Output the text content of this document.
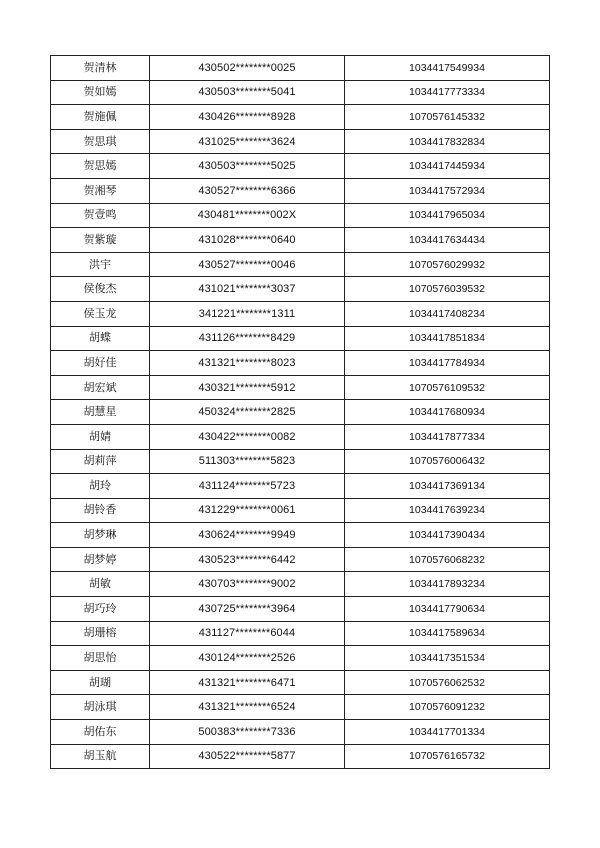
贺清林	430502********0025	1034417549934
贺如嫣	430503********5041	1034417773334
贺施佩	430426********8928	1070576145332
贺思琪	431025********3624	1034417832834
贺思嫣	430503********5025	1034417445934
贺湘琴	430527********6366	1034417572934
贺壹鸣	430481********002X	1034417965034
贺紫璇	431028********0640	1034417634434
洪宇	430527********0046	1070576029932
侯俊杰	431021********3037	1070576039532
侯玉龙	341221********1311	1034417408234
胡蝶	431126********8429	1034417851834
胡好佳	431321********8023	1034417784934
胡宏斌	430321********5912	1070576109532
胡慧星	450324********2825	1034417680934
胡婧	430422********0082	1034417877334
胡莉萍	511303********5823	1070576006432
胡玲	431124********5723	1034417369134
胡铃香	431229********0061	1034417639234
胡梦琳	430624********9949	1034417390434
胡梦婷	430523********6442	1070576068232
胡敏	430703********9002	1034417893234
胡巧玲	430725********3964	1034417790634
胡珊榕	431127********6044	1034417589634
胡思怡	430124********2526	1034417351534
胡瑚	431321********6471	1070576062532
胡泳琪	431321********6524	1070576091232
胡佑东	500383********7336	1034417701334
胡玉航	430522********5877	1070576165732
